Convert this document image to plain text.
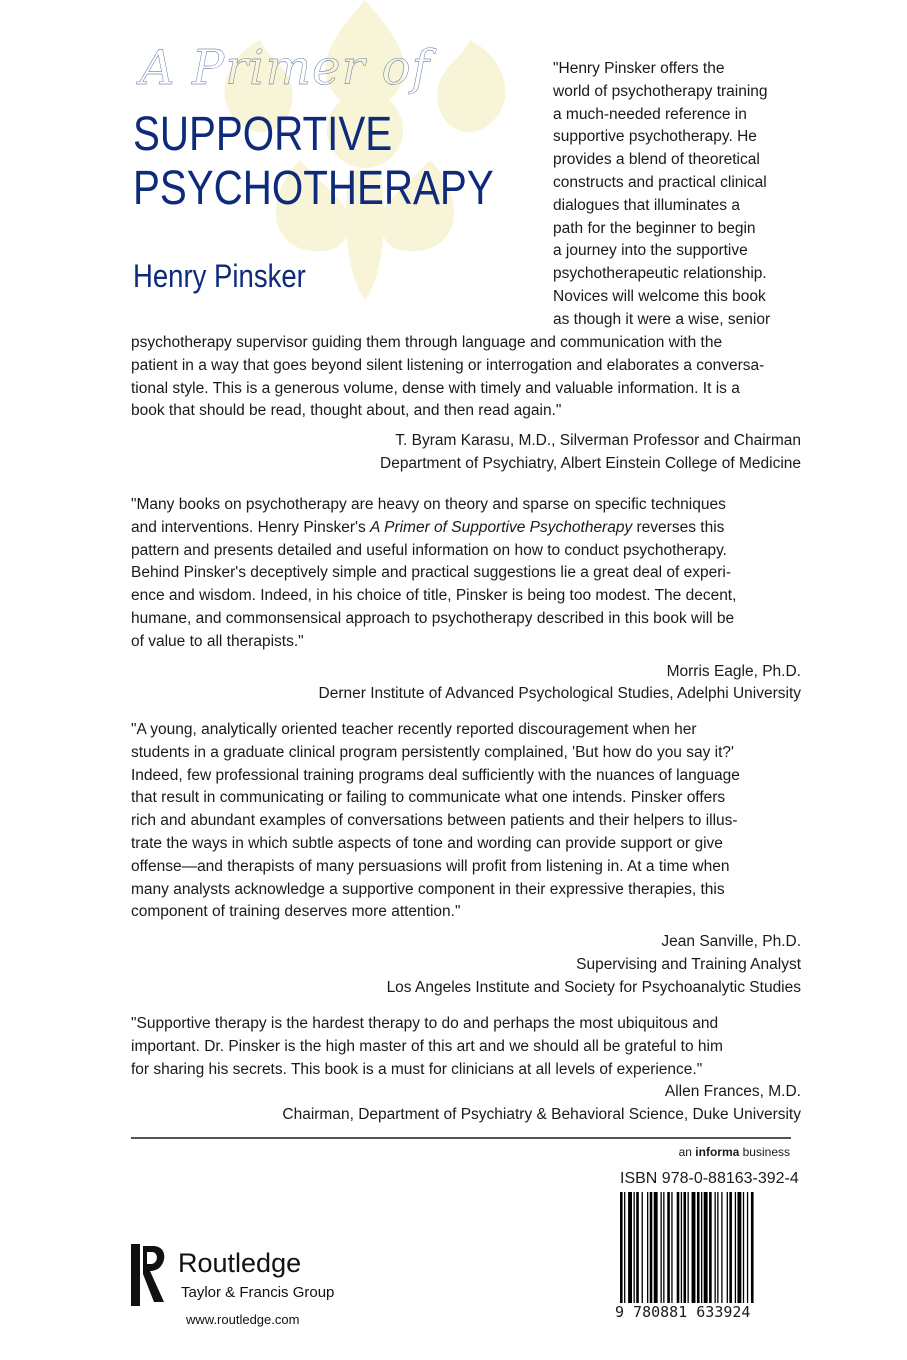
A Primer of
SUPPORTIVE
PSYCHOTHERAPY
Henry Pinsker
"Henry Pinsker offers the
world of psychotherapy training
a much-needed reference in
supportive psychotherapy. He
provides a blend of theoretical
constructs and practical clinical
dialogues that illuminates a
path for the beginner to begin
a journey into the supportive
psychotherapeutic relationship.
Novices will welcome this book
as though it were a wise, senior
psychotherapy supervisor guiding them through language and communication with the
patient in a way that goes beyond silent listening or interrogation and elaborates a conversa-
tional style. This is a generous volume, dense with timely and valuable information. It is a
book that should be read, thought about, and then read again."
T. Byram Karasu, M.D., Silverman Professor and Chairman
Department of Psychiatry, Albert Einstein College of Medicine
"Many books on psychotherapy are heavy on theory and sparse on specific techniques
and interventions. Henry Pinsker's A Primer of Supportive Psychotherapy reverses this
pattern and presents detailed and useful information on how to conduct psychotherapy.
Behind Pinsker's deceptively simple and practical suggestions lie a great deal of experi-
ence and wisdom. Indeed, in his choice of title, Pinsker is being too modest. The decent,
humane, and commonsensical approach to psychotherapy described in this book will be
of value to all therapists."
Morris Eagle, Ph.D.
Derner Institute of Advanced Psychological Studies, Adelphi University
"A young, analytically oriented teacher recently reported discouragement when her
students in a graduate clinical program persistently complained, 'But how do you say it?'
Indeed, few professional training programs deal sufficiently with the nuances of language
that result in communicating or failing to communicate what one intends. Pinsker offers
rich and abundant examples of conversations between patients and their helpers to illus-
trate the ways in which subtle aspects of tone and wording can provide support or give
offense—and therapists of many persuasions will profit from listening in. At a time when
many analysts acknowledge a supportive component in their expressive therapies, this
component of training deserves more attention."
Jean Sanville, Ph.D.
Supervising and Training Analyst
Los Angeles Institute and Society for Psychoanalytic Studies
"Supportive therapy is the hardest therapy to do and perhaps the most ubiquitous and
important. Dr. Pinsker is the high master of this art and we should all be grateful to him
for sharing his secrets. This book is a must for clinicians at all levels of experience."
Allen Frances, M.D.
Chairman, Department of Psychiatry & Behavioral Science, Duke University
an informa business
ISBN 978-0-88163-392-4
9 780881 633924
Routledge
Taylor & Francis Group
www.routledge.com
